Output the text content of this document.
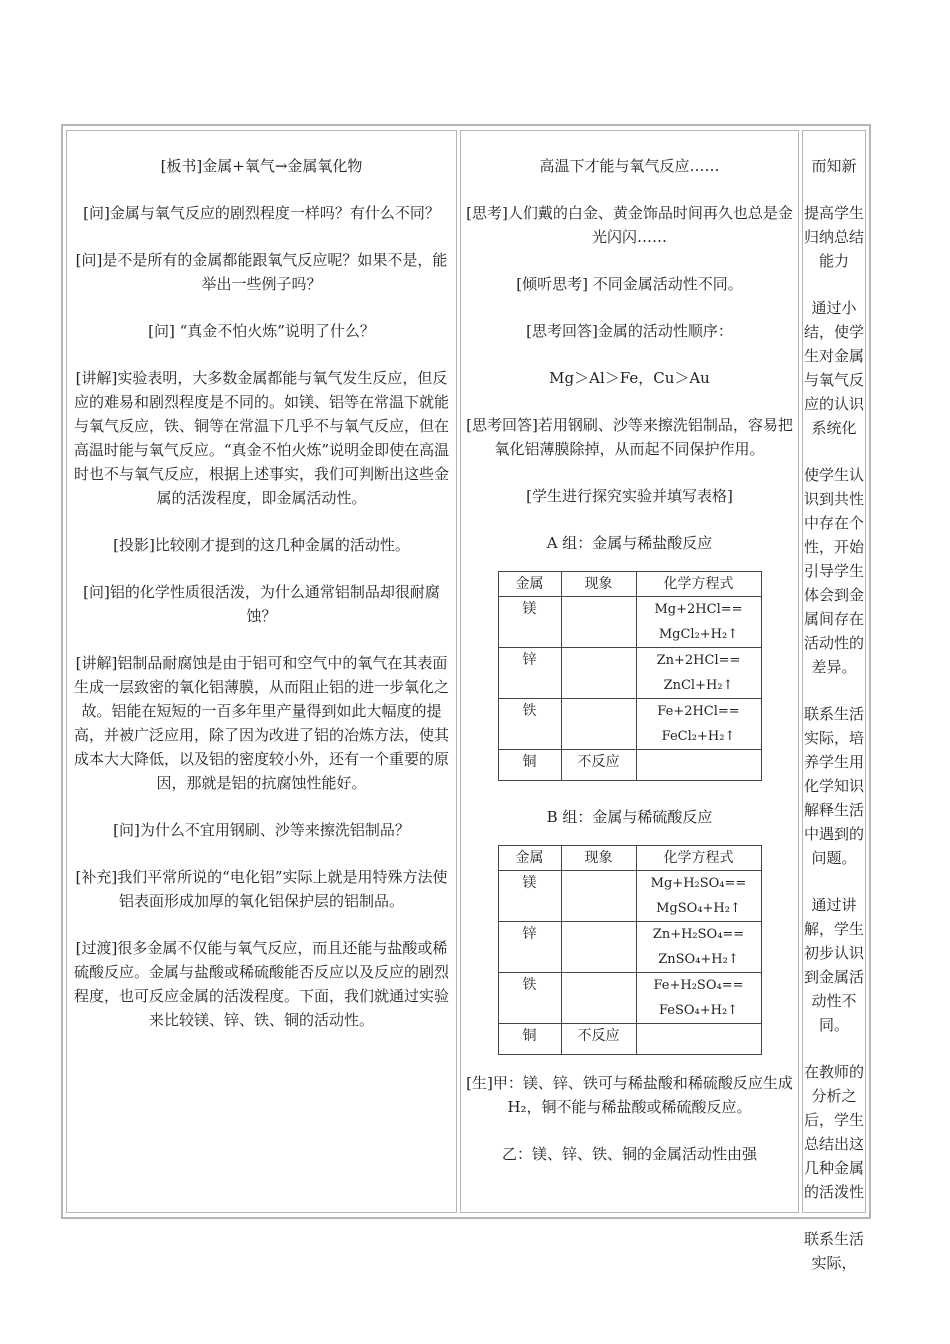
[板书]金属+氧气→金属氧化物

[问]金属与氧气反应的剧烈程度一样吗？有什么不同？

[问]是不是所有的金属都能跟氧气反应呢？如果不是，能举出一些例子吗？

[问] “真金不怕火炼”说明了什么？

[讲解]实验表明，大多数金属都能与氧气发生反应，但反应的难易和剧烈程度是不同的。如镁、铝等在常温下就能与氧气反应，铁、铜等在常温下几乎不与氧气反应，但在高温时能与氧气反应。“真金不怕火炼”说明金即使在高温时也不与氧气反应，根据上述事实，我们可判断出这些金属的活泼程度，即金属活动性。

[投影]比较刚才提到的这几种金属的活动性。

[问]铝的化学性质很活泼，为什么通常铝制品却很耐腐蚀？

[讲解]铝制品耐腐蚀是由于铝可和空气中的氧气在其表面生成一层致密的氧化铝薄膜，从而阻止铝的进一步氧化之故。铝能在短短的一百多年里产量得到如此大幅度的提高，并被广泛应用，除了因为改进了铝的冶炼方法，使其成本大大降低，以及铝的密度较小外，还有一个重要的原因，那就是铝的抗腐蚀性能好。

[问]为什么不宜用钢刷、沙等来擦洗铝制品？

[补充]我们平常所说的“电化铝”实际上就是用特殊方法使铝表面形成加厚的氧化铝保护层的铝制品。

[过渡]很多金属不仅能与氧气反应，而且还能与盐酸或稀硫酸反应。金属与盐酸或稀硫酸能否反应以及反应的剧烈程度，也可反应金属的活泼程度。下面，我们就通过实验来比较镁、锌、铁、铜的活动性。

高温下才能与氧气反应……

[思考]人们戴的白金、黄金饰品时间再久也总是金光闪闪……

[倾听思考] 不同金属活动性不同。

[思考回答]金属的活动性顺序：

Mg＞Al＞Fe，Cu＞Au

[思考回答]若用钢刷、沙等来擦洗铝制品，容易把氧化铝薄膜除掉，从而起不同保护作用。

[学生进行探究实验并填写表格]

A 组：金属与稀盐酸反应

金属	现象	化学方程式
镁		Mg+2HCl==
MgCl₂+H₂↑

锌		Zn+2HCl==
ZnCl+H₂↑

铁		Fe+2HCl==
FeCl₂+H₂↑

铜	不反应	

B 组：金属与稀硫酸反应

金属	现象	化学方程式
镁		Mg+H₂SO₄==
MgSO₄+H₂↑

锌		Zn+H₂SO₄==
ZnSO₄+H₂↑

铁		Fe+H₂SO₄==
FeSO₄+H₂↑

铜	不反应	

[生]甲：镁、锌、铁可与稀盐酸和稀硫酸反应生成H₂，铜不能与稀盐酸或稀硫酸反应。

乙：镁、锌、铁、铜的金属活动性由强

而知新

提高学生归纳总结能力

通过小结，使学生对金属与氧气反应的认识系统化

使学生认识到共性中存在个性，开始引导学生体会到金属间存在活动性的差异。

联系生活实际，培养学生用化学知识解释生活中遇到的问题。

通过讲解，学生初步认识到金属活动性不同。

在教师的分析之后，学生总结出这几种金属的活泼性

联系生活实际，
